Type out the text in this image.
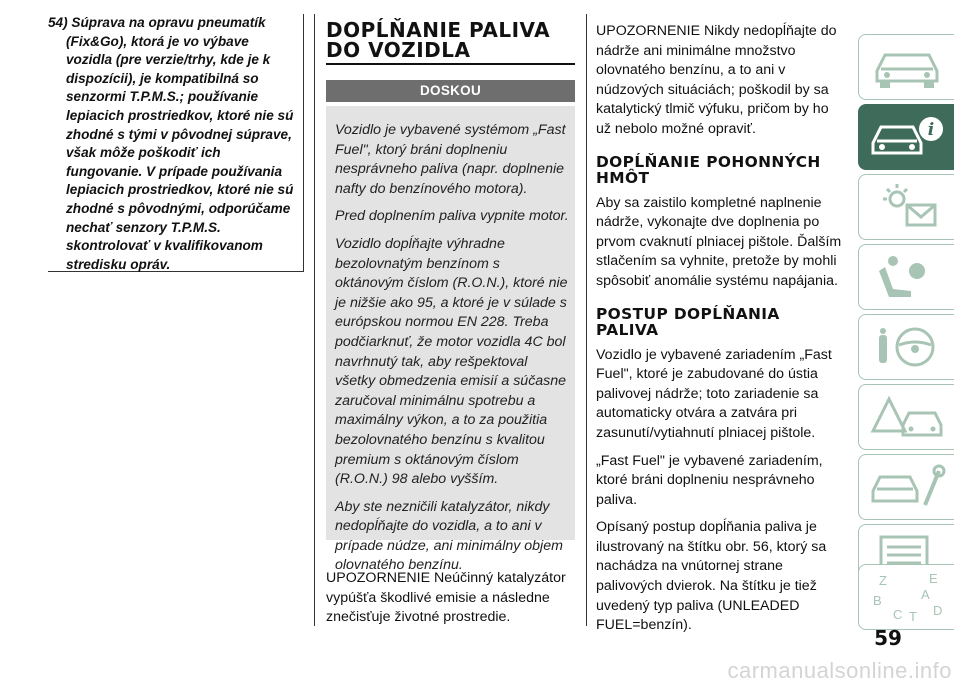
54) Súprava na opravu pneumatík (Fix&Go), ktorá je vo výbave vozidla (pre verzie/trhy, kde je k dispozícii), je kompatibilná so senzormi T.P.M.S.; používanie lepiacich prostriedkov, ktoré nie sú zhodné s tými v pôvodnej súprave, však môže poškodiť ich fungovanie. V prípade používania lepiacich prostriedkov, ktoré nie sú zhodné s pôvodnými, odporúčame nechať senzory T.P.M.S. skontrolovať v kvalifikovanom stredisku opráv.

DOPĹŇANIE PALIVA DO VOZIDLA
DOSKOU

Vozidlo je vybavené systémom „Fast Fuel", ktorý bráni doplneniu nesprávneho paliva (napr. doplnenie nafty do benzínového motora).

Pred doplnením paliva vypnite motor.

Vozidlo dopĺňajte výhradne bezolovnatým benzínom s oktánovým číslom (R.O.N.), ktoré nie je nižšie ako 95, a ktoré je v súlade s európskou normou EN 228. Treba podčiarknuť, že motor vozidla 4C bol navrhnutý tak, aby rešpektoval všetky obmedzenia emisií a súčasne zaručoval minimálnu spotrebu a maximálny výkon, a to za použitia bezolovnatého benzínu s kvalitou premium s oktánovým číslom (R.O.N.) 98 alebo vyšším.

Aby ste nezničili katalyzátor, nikdy nedopĺňajte do vozidla, a to ani v prípade núdze, ani minimálny objem olovnatého benzínu.

UPOZORNENIE Neúčinný katalyzátor vypúšťa škodlivé emisie a následne znečisťuje životné prostredie.

UPOZORNENIE Nikdy nedopĺňajte do nádrže ani minimálne množstvo olovnatého benzínu, a to ani v núdzových situáciách; poškodil by sa katalytický tlmič výfuku, pričom by ho už nebolo možné opraviť.

DOPĹŇANIE POHONNÝCH HMÔT

Aby sa zaistilo kompletné naplnenie nádrže, vykonajte dve doplnenia po prvom cvaknutí plniacej pištole. Ďalším stlačením sa vyhnite, pretože by mohli spôsobiť anomálie systému napájania.

POSTUP DOPĹŇANIA PALIVA

Vozidlo je vybavené zariadením „Fast Fuel", ktoré je zabudované do ústia palivovej nádrže; toto zariadenie sa automaticky otvára a zatvára pri zasunutí/vytiahnutí plniacej pištole.

„Fast Fuel" je vybavené zariadením, ktoré bráni doplneniu nesprávneho paliva.

Opísaný postup dopĺňania paliva je ilustrovaný na štítku obr. 56, ktorý sa nachádza na vnútornej strane palivových dvierok. Na štítku je tiež uvedený typ paliva (UNLEADED FUEL=benzín).

i
Z	E
B	A
C T D
59
carmanualsonline.info
